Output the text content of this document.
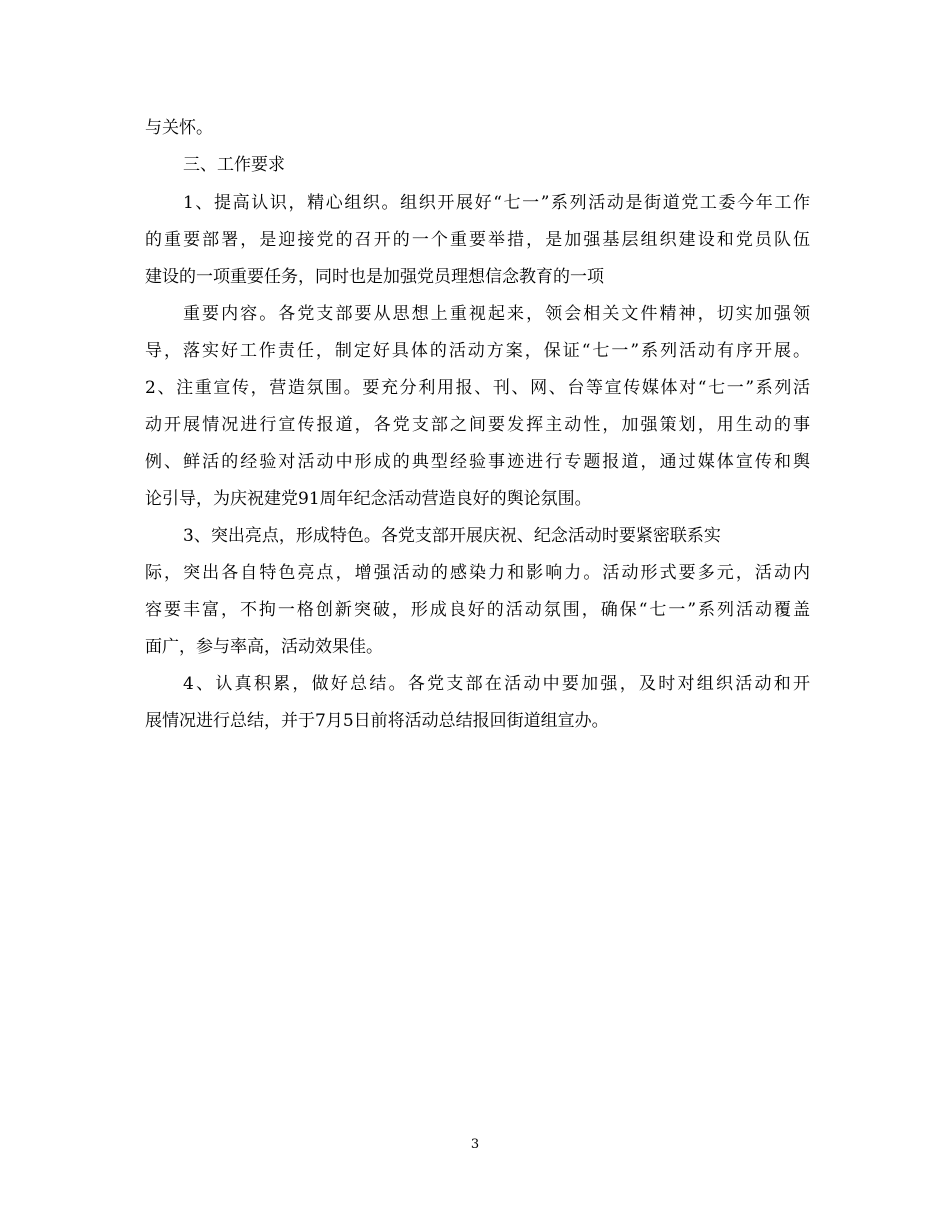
与关怀。
三、工作要求
1、提高认识，精心组织。组织开展好“七一”系列活动是街道党工委今年工作
的重要部署，是迎接党的召开的一个重要举措，是加强基层组织建设和党员队伍
建设的一项重要任务，同时也是加强党员理想信念教育的一项
重要内容。各党支部要从思想上重视起来，领会相关文件精神，切实加强领
导，落实好工作责任，制定好具体的活动方案，保证“七一”系列活动有序开展。
2、注重宣传，营造氛围。要充分利用报、刊、网、台等宣传媒体对“七一”系列活
动开展情况进行宣传报道，各党支部之间要发挥主动性，加强策划，用生动的事
例、鲜活的经验对活动中形成的典型经验事迹进行专题报道，通过媒体宣传和舆
论引导，为庆祝建党91周年纪念活动营造良好的舆论氛围。
3、突出亮点，形成特色。各党支部开展庆祝、纪念活动时要紧密联系实
际，突出各自特色亮点，增强活动的感染力和影响力。活动形式要多元，活动内
容要丰富，不拘一格创新突破，形成良好的活动氛围，确保“七一”系列活动覆盖
面广，参与率高，活动效果佳。
4、认真积累，做好总结。各党支部在活动中要加强，及时对组织活动和开
展情况进行总结，并于7月5日前将活动总结报回街道组宣办。
3
